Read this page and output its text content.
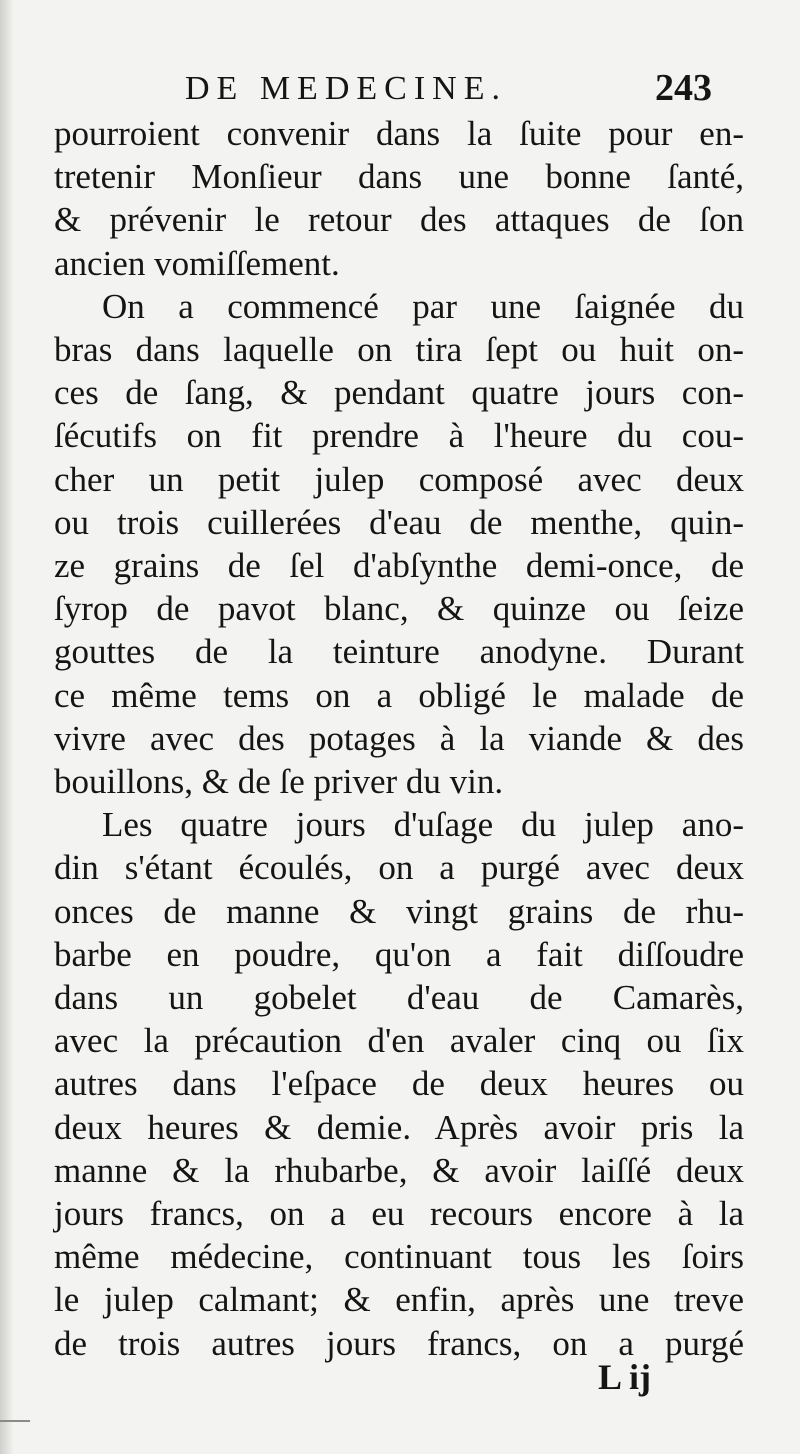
DE MEDECINE.	243
pourroient convenir dans la ſuite pour en-
tretenir Monſieur dans une bonne ſanté,
& prévenir le retour des attaques de ſon
ancien vomiſſement.
On a commencé par une ſaignée du
bras dans laquelle on tira ſept ou huit on-
ces de ſang, & pendant quatre jours con-
ſécutifs on fit prendre à l'heure du cou-
cher un petit julep composé avec deux
ou trois cuillerées d'eau de menthe, quin-
ze grains de ſel d'abſynthe demi-once, de
ſyrop de pavot blanc, & quinze ou ſeize
gouttes de la teinture anodyne. Durant
ce même tems on a obligé le malade de
vivre avec des potages à la viande & des
bouillons, & de ſe priver du vin.
Les quatre jours d'uſage du julep ano-
din s'étant écoulés, on a purgé avec deux
onces de manne & vingt grains de rhu-
barbe en poudre, qu'on a fait diſſoudre
dans un gobelet d'eau de Camarès,
avec la précaution d'en avaler cinq ou ſix
autres dans l'eſpace de deux heures ou
deux heures & demie. Après avoir pris la
manne & la rhubarbe, & avoir laiſſé deux
jours francs, on a eu recours encore à la
même médecine, continuant tous les ſoirs
le julep calmant; & enfin, après une treve
de trois autres jours francs, on a purgé
L ij
